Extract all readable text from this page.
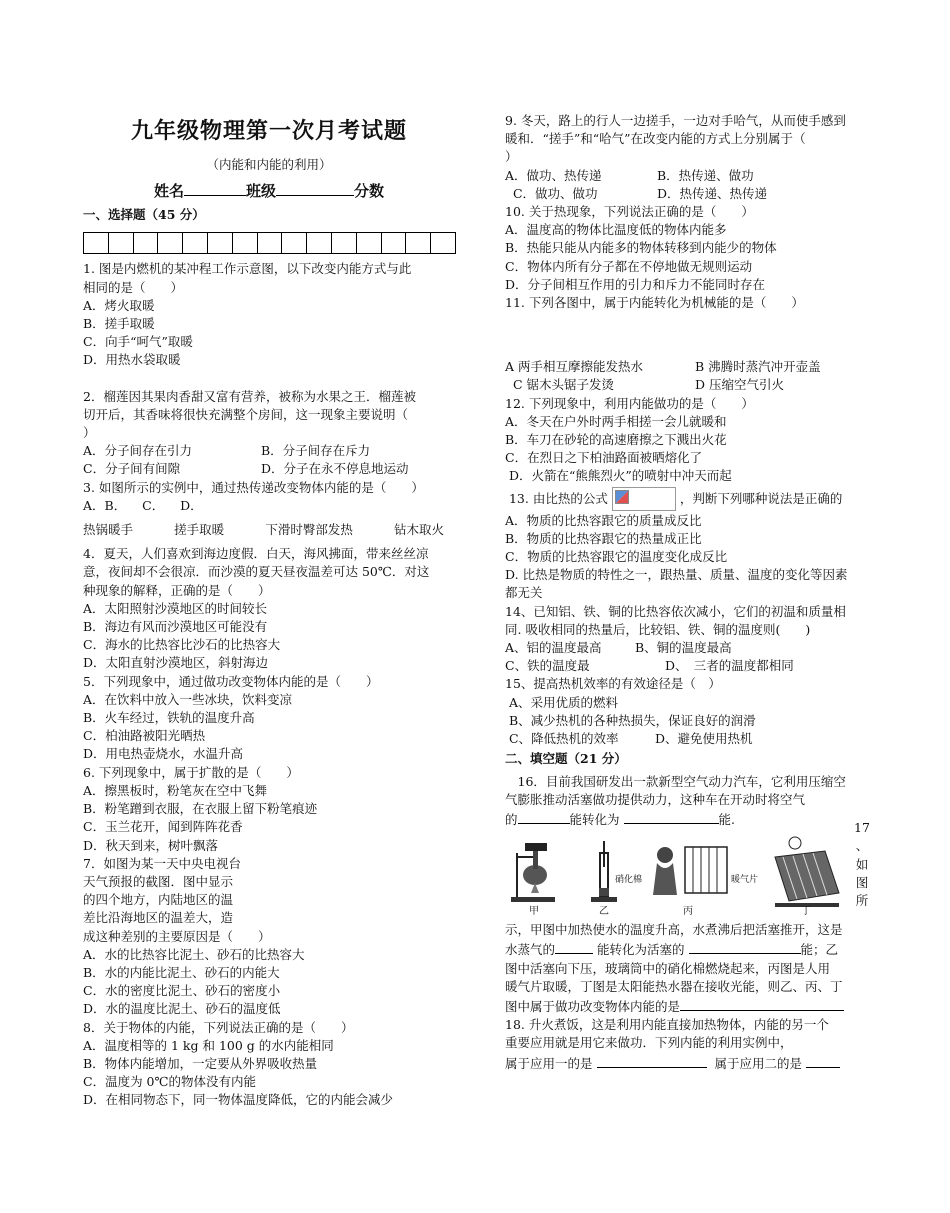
九年级物理第一次月考试题
（内能和内能的利用）
姓名	班级	分数
一、选择题（45 分）
1. 图是内燃机的某冲程工作示意图，以下改变内能方式与此
相同的是（　　）
A．烤火取暖
B．搓手取暖
C．向手“呵气”取暖
D．用热水袋取暖
2．榴莲因其果肉香甜又富有营养，被称为水果之王．榴莲被
切开后，其香味将很快充满整个房间，这一现象主要说明（
）
A．分子间存在引力	B．分子间存在斥力
C．分子间有间隙	D．分子在永不停息地运动
3. 如图所示的实例中，通过热传递改变物体内能的是（　　）
A．B． C． D．
热锅暖手	搓手取暖	下滑时臀部发热	钻木取火
4．夏天，人们喜欢到海边度假．白天，海风拂面，带来丝丝凉
意，夜间却不会很凉．而沙漠的夏天昼夜温差可达 50℃．对这
种现象的解释，正确的是（　　）
A．太阳照射沙漠地区的时间较长
B．海边有风而沙漠地区可能没有
C．海水的比热容比沙石的比热容大
D．太阳直射沙漠地区，斜射海边
5．下列现象中，通过做功改变物体内能的是（　　）
A．在饮料中放入一些冰块，饮料变凉
B．火车经过，铁轨的温度升高
C．柏油路被阳光晒热
D．用电热壶烧水，水温升高
6. 下列现象中，属于扩散的是（　　）
A．擦黑板时，粉笔灰在空中飞舞
B．粉笔蹭到衣服，在衣服上留下粉笔痕迹
C．玉兰花开，闻到阵阵花香
D．秋天到来，树叶飘落
7．如图为某一天中央电视台
天气预报的截图．图中显示
的四个地方，内陆地区的温
差比沿海地区的温差大，造
成这种差别的主要原因是（　　）
A．水的比热容比泥土、砂石的比热容大
B．水的内能比泥土、砂石的内能大
C．水的密度比泥土、砂石的密度小
D．水的温度比泥土、砂石的温度低
8．关于物体的内能，下列说法正确的是（　　）
A．温度相等的 1 kg 和 100 g 的水内能相同
B．物体内能增加，一定要从外界吸收热量
C．温度为 0℃的物体没有内能
D．在相同物态下，同一物体温度降低，它的内能会减少
9. 冬天，路上的行人一边搓手，一边对手哈气，从而使手感到
暖和．“搓手”和“哈气”在改变内能的方式上分别属于（
）
A．做功、热传递	B．热传递、做功
C．做功、做功	D．热传递、热传递
10. 关于热现象，下列说法正确的是（　　）
A．温度高的物体比温度低的物体内能多
B．热能只能从内能多的物体转移到内能少的物体
C．物体内所有分子都在不停地做无规则运动
D．分子间相互作用的引力和斥力不能同时存在
11. 下列各图中，属于内能转化为机械能的是（　　）
A 两手相互摩擦能发热水	B 沸腾时蒸汽冲开壶盖
C 锯木头锯子发烫	D 压缩空气引火
12. 下列现象中，利用内能做功的是（　　）
A．冬天在户外时两手相搓一会儿就暖和
B．车刀在砂轮的高速磨擦之下溅出火花
C．在烈日之下柏油路面被晒熔化了
D．火箭在“熊熊烈火”的喷射中冲天而起
13. 由比热的公式	，判断下列哪种说法是正确的
A．物质的比热容跟它的质量成反比
B．物质的比热容跟它的热量成正比
C．物质的比热容跟它的温度变化成反比
D. 比热是物质的特性之一，跟热量、质量、温度的变化等因素
都无关
14、已知铝、铁、铜的比热容依次减小，它们的初温和质量相
同. 吸收相同的热量后，比较铝、铁、铜的温度则(　　)
A、铝的温度最高	B、铜的温度最高
C、铁的温度最	D、　三者的温度都相同
15、提高热机效率的有效途径是（　）
A、采用优质的燃料
B、减少热机的各种热损失，保证良好的润滑
C、降低热机的效率	D、避免使用热机
二、填空题（21 分）
　16．目前我国研发出一款新型空气动力汽车，它利用压缩空
气膨胀推动活塞做功提供动力，这种车在开动时将空气
的	能转化为	能.
甲	乙	丙	丁
硝化棉	暖气片
17
、
如
图
所
示，甲图中加热使水的温度升高，水煮沸后把活塞推开，这是
水蒸气的	能转化为活塞的	能；乙
图中活塞向下压，玻璃筒中的硝化棉燃烧起来，丙图是人用
暖气片取暖，丁图是太阳能热水器在接收光能，则乙、丙、丁
图中属于做功改变物体内能的是
18. 升火煮饭，这是利用内能直接加热物体，内能的另一个
重要应用就是用它来做功．下列内能的利用实例中，
属于应用一的是	属于应用二的是
